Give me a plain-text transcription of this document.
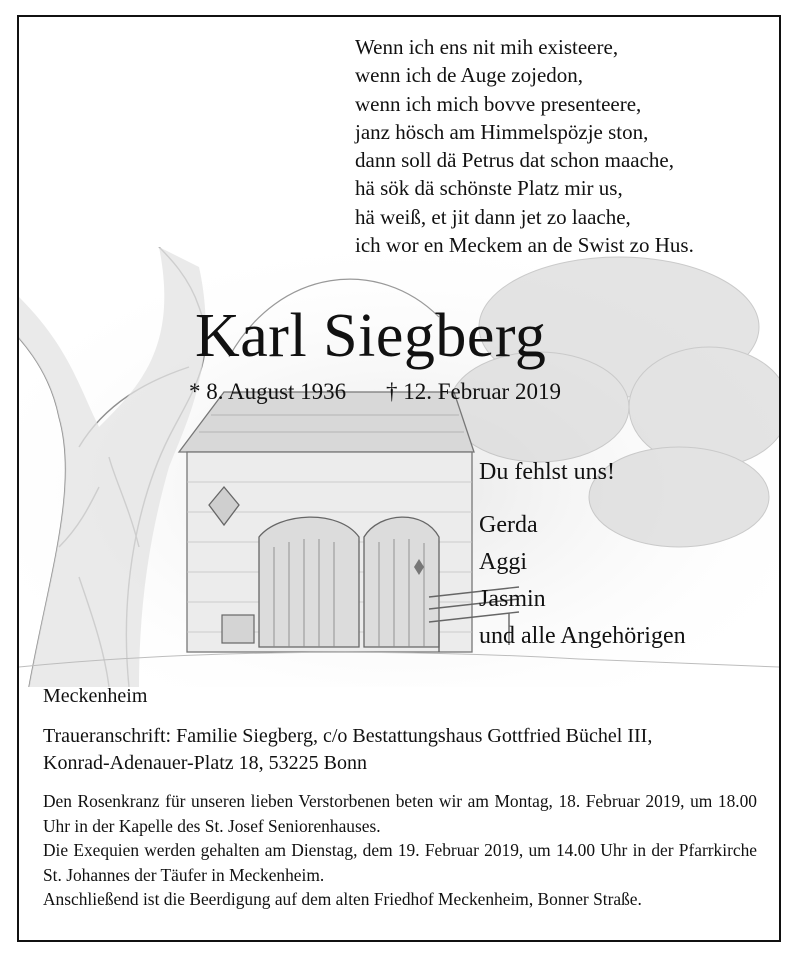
Wenn ich ens nit mih existeere,
wenn ich de Auge zojedon,
wenn ich mich bovve presenteere,
janz hösch am Himmelspözje ston,
dann soll dä Petrus dat schon maache,
hä sök dä schönste Platz mir us,
hä weiß, et jit dann jet zo laache,
ich wor en Meckem an de Swist zo Hus.
Karl Siegberg
* 8. August 1936 † 12. Februar 2019
Du fehlst uns!
Gerda
Aggi
Jasmin
und alle Angehörigen
Meckenheim
Traueranschrift: Familie Siegberg, c/o Bestattungshaus Gottfried Büchel III,
Konrad-Adenauer-Platz 18, 53225 Bonn

Den Rosenkranz für unseren lieben Verstorbenen beten wir am Montag, 18. Februar 2019, um 18.00 Uhr in der Kapelle des St. Josef Seniorenhauses.

Die Exequien werden gehalten am Dienstag, dem 19. Februar 2019, um 14.00 Uhr in der Pfarrkirche St. Johannes der Täufer in Meckenheim.

Anschließend ist die Beerdigung auf dem alten Friedhof Meckenheim, Bonner Straße.
